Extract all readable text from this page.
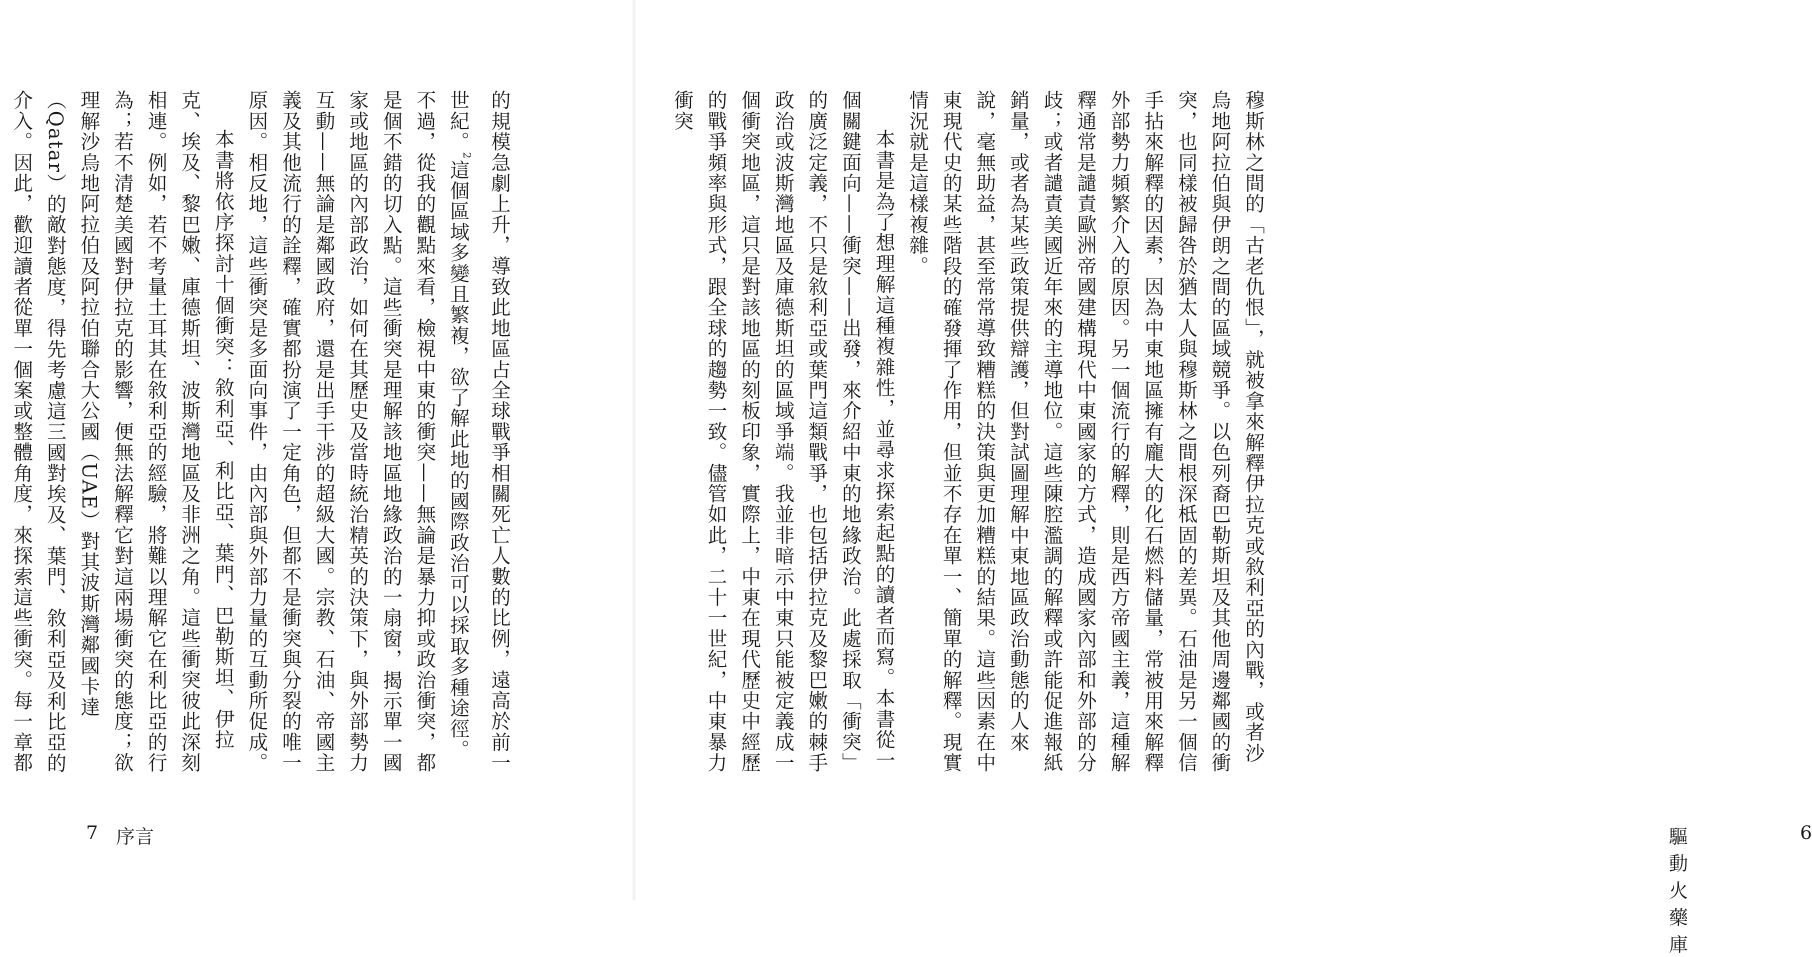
的規模急劇上升，導致此地區占全球戰爭相關死亡人數的比例，遠高於前一世紀。$^2$這個區域多變且繁複，欲了解此地的國際政治可以採取多種途徑。不過，從我的觀點來看，檢視中東的衝突——無論是暴力抑或政治衝突，都是個不錯的切入點。這些衝突是理解該地區地緣政治的一扇窗，揭示單一國家或地區的內部政治，如何在其歷史及當時統治精英的決策下，與外部勢力互動——無論是鄰國政府，還是出手干涉的超級大國。宗教、石油、帝國主義及其他流行的詮釋，確實都扮演了一定角色，但都不是衝突與分裂的唯一原因。相反地，這些衝突是多面向事件，由內部與外部力量的互動所促成。

本書將依序探討十個衝突：敘利亞、利比亞、葉門、巴勒斯坦、伊拉克、埃及、黎巴嫩、庫德斯坦、波斯灣地區及非洲之角。這些衝突彼此深刻相連。例如，若不考量土耳其在敘利亞的經驗，將難以理解它在利比亞的行為；若不清楚美國對伊拉克的影響，便無法解釋它對這兩場衝突的態度；欲理解沙烏地阿拉伯及阿拉伯聯合大公國（UAE）對其波斯灣鄰國卡達（Qatar）的敵對態度，得先考慮這三國對埃及、葉門、敘利亞及利比亞的介入。因此，歡迎讀者從單一個案或整體角度，來探索這些衝突。每一章都

7 序言

穆斯林之間的「古老仇恨」，就被拿來解釋伊拉克或敘利亞的內戰，或者沙烏地阿拉伯與伊朗之間的區域競爭。以色列裔巴勒斯坦及其他周邊鄰國的衝突，也同樣被歸咎於猶太人與穆斯林之間根深柢固的差異。石油是另一個信手拈來解釋的因素，因為中東地區擁有龐大的化石燃料儲量，常被用來解釋外部勢力頻繁介入的原因。另一個流行的解釋，則是西方帝國主義，這種解釋通常是譴責歐洲帝國建構現代中東國家的方式，造成國家內部和外部的分歧；或者譴責美國近年來的主導地位。這些陳腔濫調的解釋或許能促進報紙銷量，或者為某些政策提供辯護，但對試圖理解中東地區政治動態的人來說，毫無助益，甚至常常導致糟糕的決策與更加糟糕的結果。這些因素在中東現代史的某些階段的確發揮了作用，但並不存在單一、簡單的解釋。現實情況就是這樣複雜。

本書是為了想理解這種複雜性，並尋求探索起點的讀者而寫。本書從一個關鍵面向——衝突——出發，來介紹中東的地緣政治。此處採取「衝突」的廣泛定義，不只是敘利亞或葉門這類戰爭，也包括伊拉克及黎巴嫩的棘手政治或波斯灣地區及庫德斯坦的區域爭端。我並非暗示中東只能被定義成一個衝突地區，這只是對該地區的刻板印象，實際上，中東在現代歷史中經歷的戰爭頻率與形式，跟全球的趨勢一致。儘管如此，二十一世紀，中東暴力衝突

驅動火藥庫
6
